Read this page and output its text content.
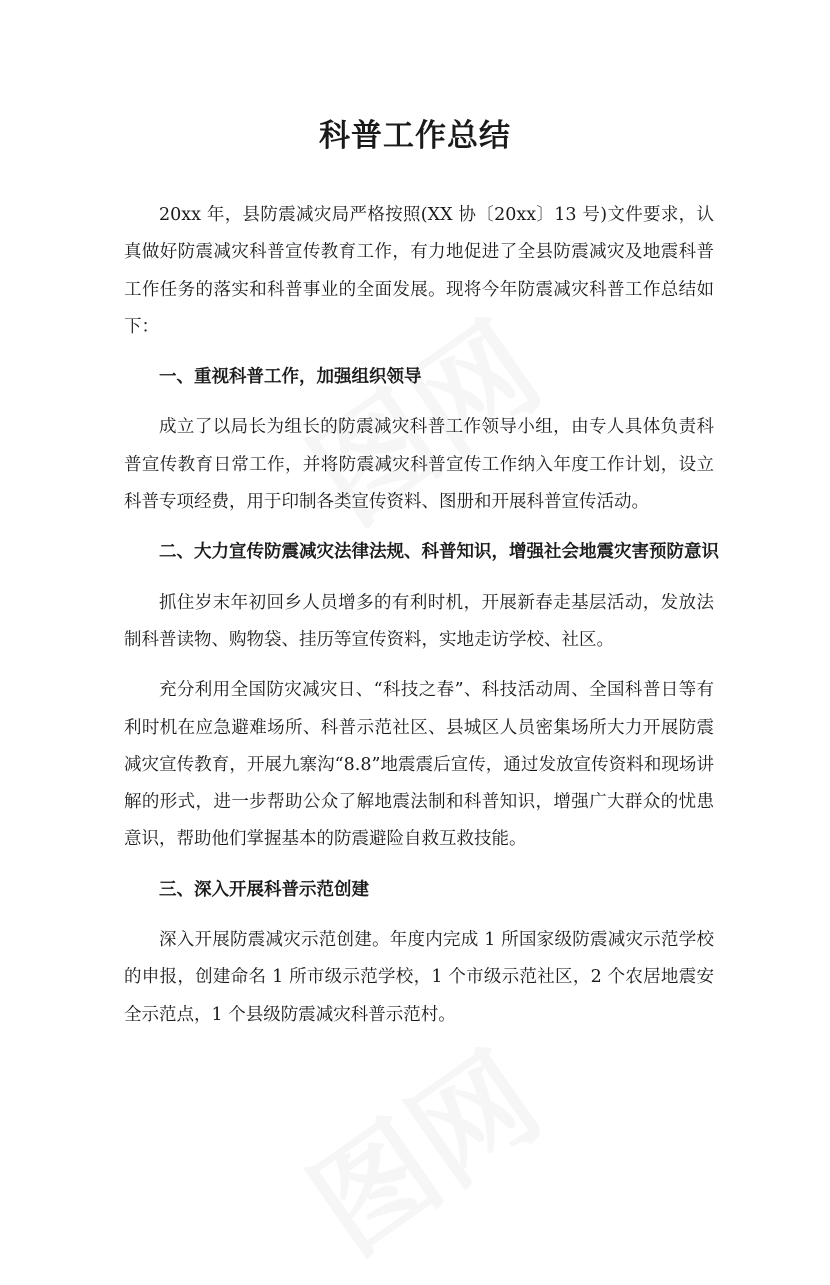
科普工作总结

20xx 年，县防震减灾局严格按照(XX 协〔20xx〕13 号)文件要求，认真做好防震减灾科普宣传教育工作，有力地促进了全县防震减灾及地震科普工作任务的落实和科普事业的全面发展。现将今年防震减灾科普工作总结如下：

一、重视科普工作，加强组织领导

成立了以局长为组长的防震减灾科普工作领导小组，由专人具体负责科普宣传教育日常工作，并将防震减灾科普宣传工作纳入年度工作计划，设立科普专项经费，用于印制各类宣传资料、图册和开展科普宣传活动。

二、大力宣传防震减灾法律法规、科普知识，增强社会地震灾害预防意识

抓住岁末年初回乡人员增多的有利时机，开展新春走基层活动，发放法制科普读物、购物袋、挂历等宣传资料，实地走访学校、社区。

充分利用全国防灾减灾日、“科技之春”、科技活动周、全国科普日等有利时机在应急避难场所、科普示范社区、县城区人员密集场所大力开展防震减灾宣传教育，开展九寨沟“8.8”地震震后宣传，通过发放宣传资料和现场讲解的形式，进一步帮助公众了解地震法制和科普知识，增强广大群众的忧患意识，帮助他们掌握基本的防震避险自救互救技能。

三、深入开展科普示范创建

深入开展防震减灾示范创建。年度内完成 1 所国家级防震减灾示范学校的申报，创建命名 1 所市级示范学校，1 个市级示范社区，2 个农居地震安全示范点，1 个县级防震减灾科普示范村。
